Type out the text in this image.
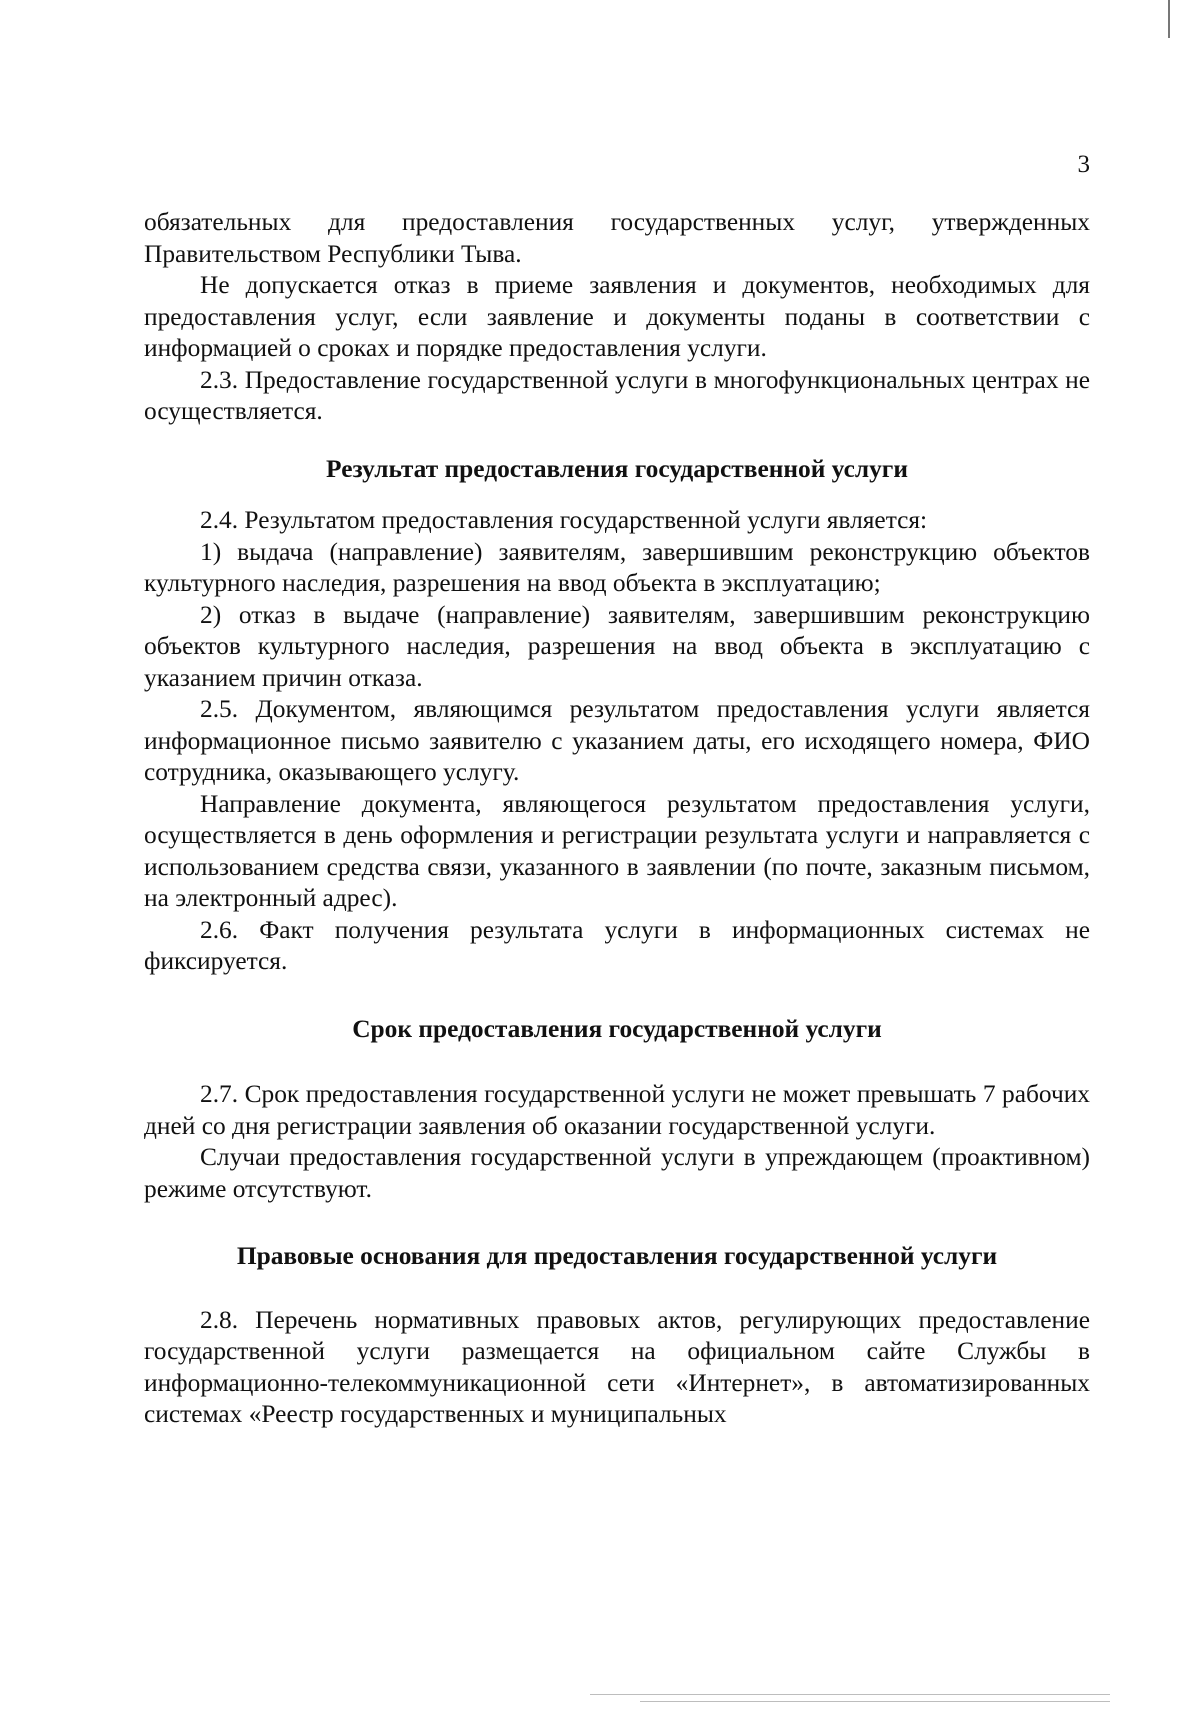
3

обязательных для предоставления государственных услуг, утвержденных Правительством Республики Тыва.

Не допускается отказ в приеме заявления и документов, необходимых для предоставления услуг, если заявление и документы поданы в соответствии с информацией о сроках и порядке предоставления услуги.

2.3. Предоставление государственной услуги в многофункциональных центрах не осуществляется.

Результат предоставления государственной услуги

2.4. Результатом предоставления государственной услуги является:

1) выдача (направление) заявителям, завершившим реконструкцию объектов культурного наследия, разрешения на ввод объекта в эксплуатацию;

2) отказ в выдаче (направление) заявителям, завершившим реконструкцию объектов культурного наследия, разрешения на ввод объекта в эксплуатацию с указанием причин отказа.

2.5. Документом, являющимся результатом предоставления услуги является информационное письмо заявителю с указанием даты, его исходящего номера, ФИО сотрудника, оказывающего услугу.

Направление документа, являющегося результатом предоставления услуги, осуществляется в день оформления и регистрации результата услуги и направляется с использованием средства связи, указанного в заявлении (по почте, заказным письмом, на электронный адрес).

2.6. Факт получения результата услуги в информационных системах не фиксируется.

Срок предоставления государственной услуги

2.7. Срок предоставления государственной услуги не может превышать 7 рабочих дней со дня регистрации заявления об оказании государственной услуги.

Случаи предоставления государственной услуги в упреждающем (проактивном) режиме отсутствуют.

Правовые основания для предоставления государственной услуги

2.8. Перечень нормативных правовых актов, регулирующих предоставление государственной услуги размещается на официальном сайте Службы в информационно-телекоммуникационной сети «Интернет», в автоматизированных системах «Реестр государственных и муниципальных
